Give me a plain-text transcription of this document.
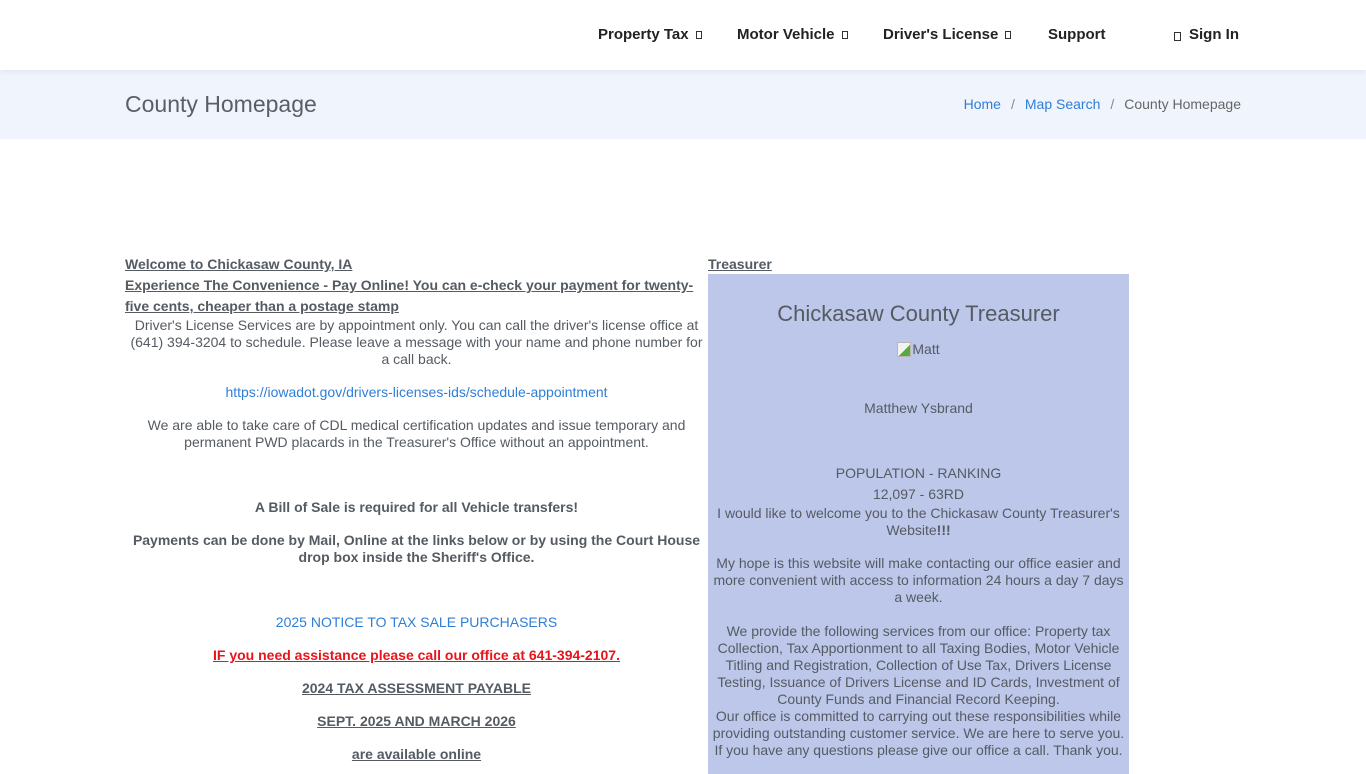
Property Tax	Motor Vehicle	Driver's License	Support	Sign In
County Homepage	Home / Map Search / County Homepage
Welcome to Chickasaw County, IA
Experience The Convenience - Pay Online! You can e-check your payment for twenty-five cents, cheaper than a postage stamp

Driver's License Services are by appointment only. You can call the driver's license office at (641) 394-3204 to schedule. Please leave a message with your name and phone number for a call back.

https://iowadot.gov/drivers-licenses-ids/schedule-appointment

We are able to take care of CDL medical certification updates and issue temporary and permanent PWD placards in the Treasurer's Office without an appointment.

A Bill of Sale is required for all Vehicle transfers!

Payments can be done by Mail, Online at the links below or by using the Court House drop box inside the Sheriff's Office.

2025 NOTICE TO TAX SALE PURCHASERS

IF you need assistance please call our office at 641-394-2107.

2024 TAX ASSESSMENT PAYABLE

SEPT. 2025 AND MARCH 2026

are available online

Treasurer
Chickasaw County Treasurer
Matt

Matthew Ysbrand

POPULATION - RANKING

12,097 - 63RD

I would like to welcome you to the Chickasaw County Treasurer's Website!!!

My hope is this website will make contacting our office easier and more convenient with access to information 24 hours a day 7 days a week.

We provide the following services from our office: Property tax Collection, Tax Apportionment to all Taxing Bodies, Motor Vehicle Titling and Registration, Collection of Use Tax, Drivers License Testing, Issuance of Drivers License and ID Cards, Investment of County Funds and Financial Record Keeping.

Our office is committed to carrying out these responsibilities while providing outstanding customer service. We are here to serve you. If you have any questions please give our office a call. Thank you.
